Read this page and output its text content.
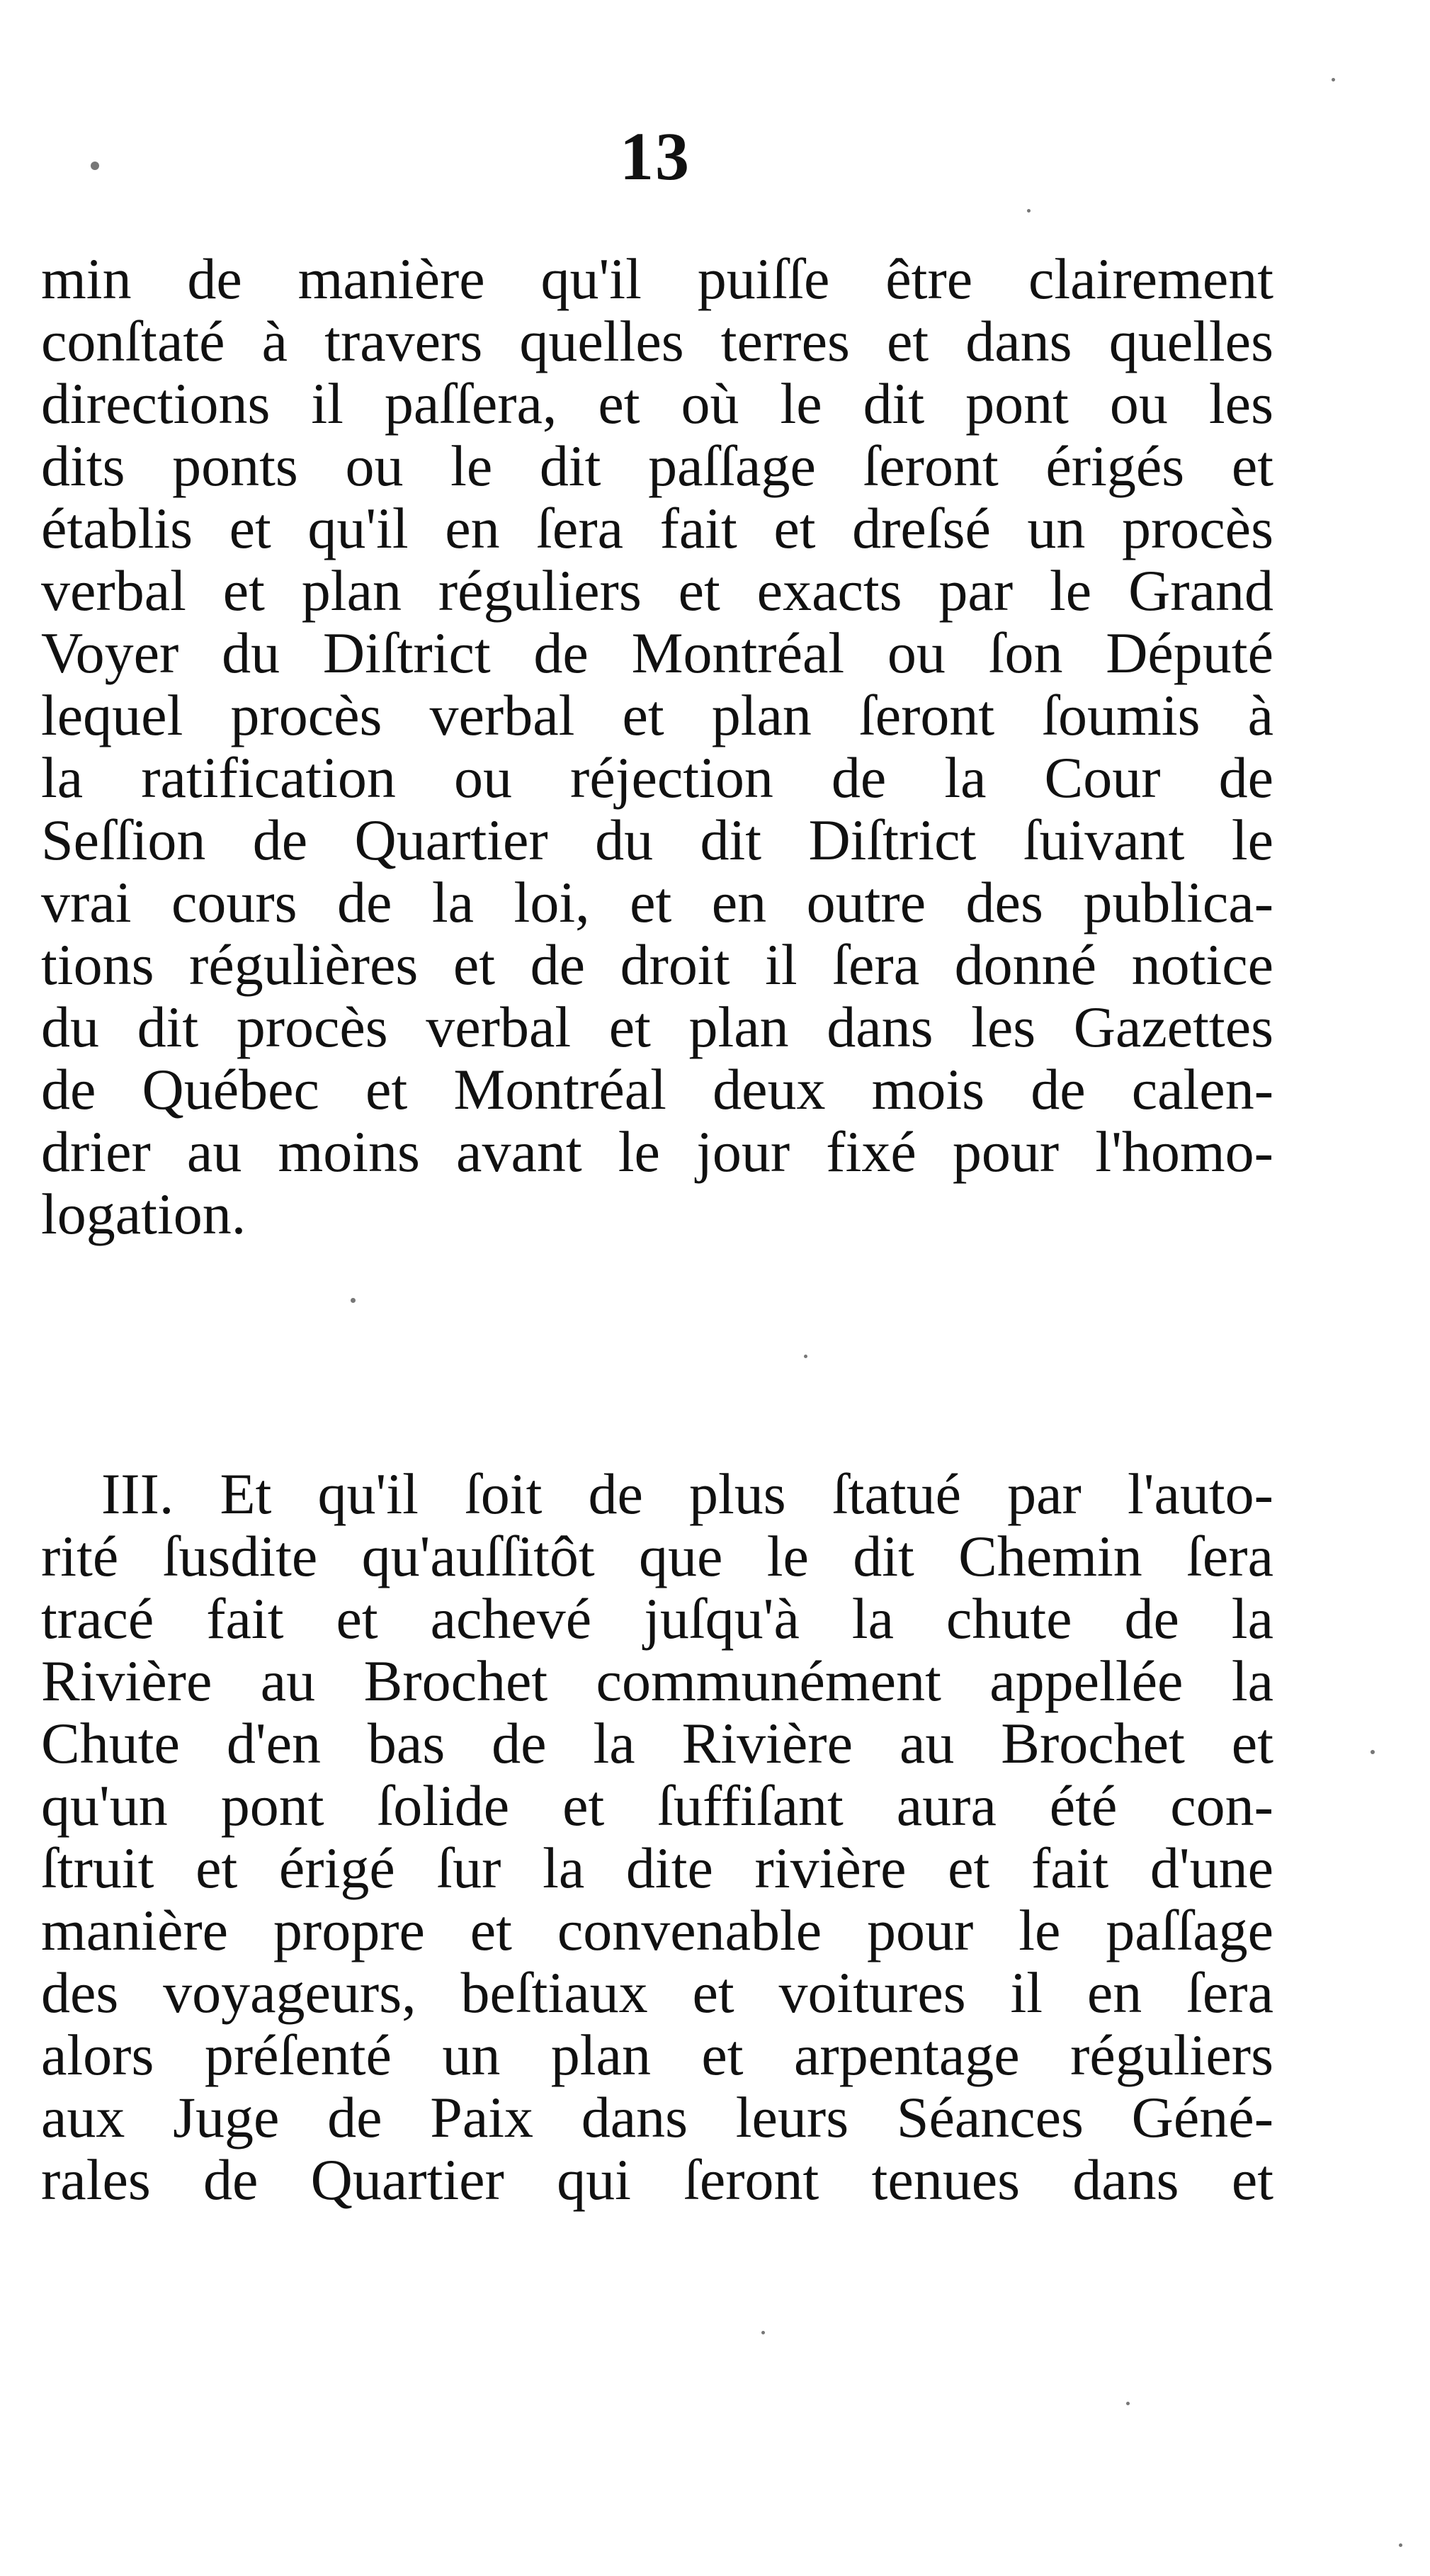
13
min de manière qu'il puiſſe être clairement
conſtaté à travers quelles terres et dans quelles
directions il paſſera, et où le dit pont ou les
dits ponts ou le dit paſſage ſeront érigés et
établis et qu'il en ſera fait et dreſsé un procès
verbal et plan réguliers et exacts par le Grand
Voyer du Diſtrict de Montréal ou ſon Député
lequel procès verbal et plan ſeront ſoumis à
la ratification ou réjection de la Cour de
Seſſion de Quartier du dit Diſtrict ſuivant le
vrai cours de la loi, et en outre des publica-
tions régulières et de droit il ſera donné notice
du dit procès verbal et plan dans les Gazettes
de Québec et Montréal deux mois de calen-
drier au moins avant le jour fixé pour l'homo-
logation.
III. Et qu'il ſoit de plus ſtatué par l'auto-
rité ſusdite qu'auſſitôt que le dit Chemin ſera
tracé fait et achevé juſqu'à la chute de la
Rivière au Brochet communément appellée la
Chute d'en bas de la Rivière au Brochet et
qu'un pont ſolide et ſuffiſant aura été con-
ſtruit et érigé ſur la dite rivière et fait d'une
manière propre et convenable pour le paſſage
des voyageurs, beſtiaux et voitures il en ſera
alors préſenté un plan et arpentage réguliers
aux Juge de Paix dans leurs Séances Géné-
rales de Quartier qui ſeront tenues dans et
